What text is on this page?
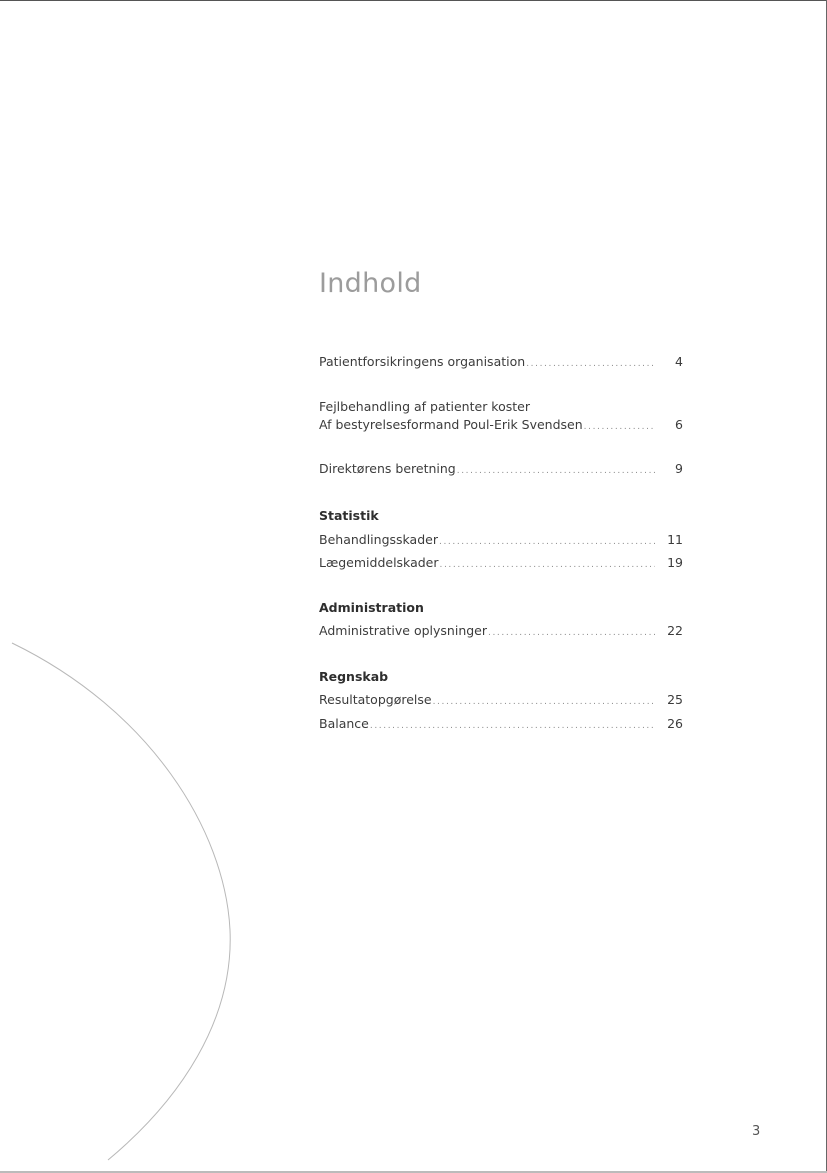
Indhold
Patientforsikringens organisation .....	4
Fejlbehandling af patienter koster
Af bestyrelsesformand Poul-Erik Svendsen .....	6
Direktørens beretning .....	9
Statistik
Behandlingsskader .....	11
Lægemiddelskader .....	19
Administration
Administrative oplysninger .....	22
Regnskab
Resultatopgørelse .....	25
Balance .....	26
3
